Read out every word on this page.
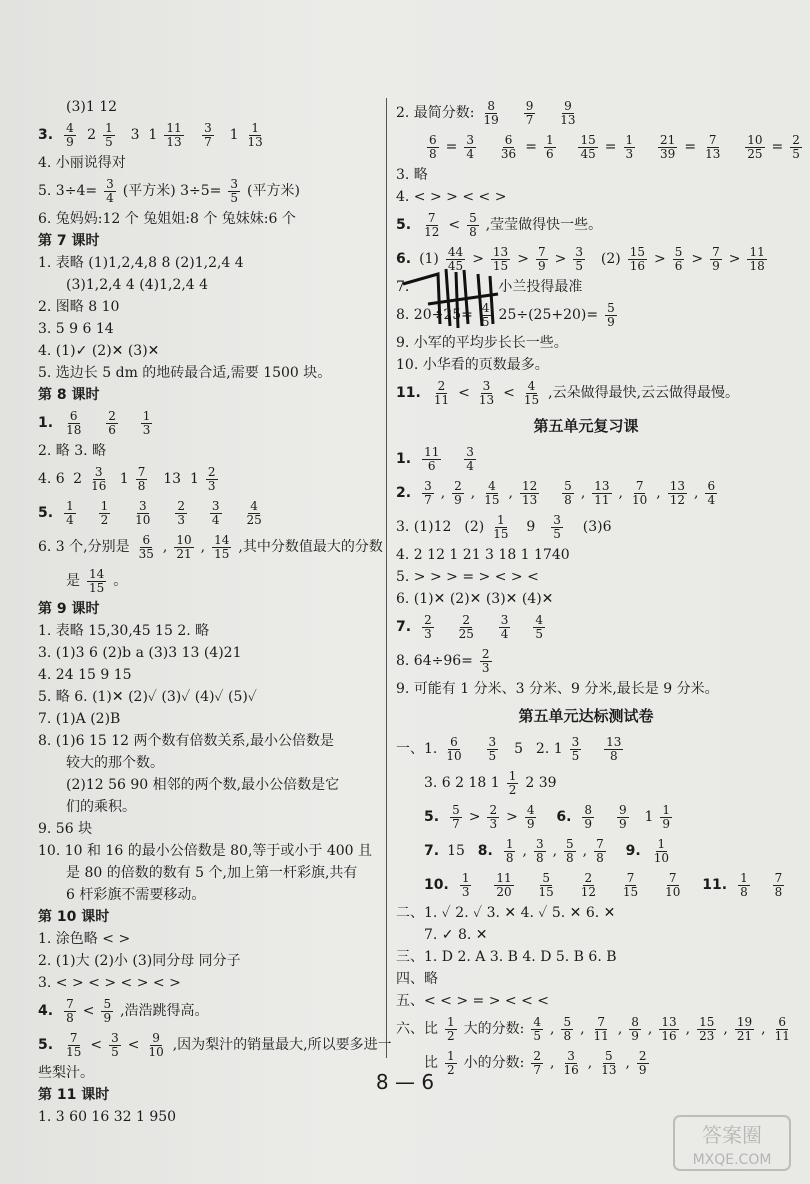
(3)1 12
3. $\frac{4}{9} 2 \frac{1}{5} 3$  $1 \frac{11}{13}$
$\frac{3}{7} 1 \frac{1}{13}$
4. 小丽说得对
5. $3\div 4= \frac{3}{4}$ (平方米) $3\div 5= \frac{3}{5}$ (平方米)
6. 兔妈妈:12 个 兔姐姐:8 个 兔妹妹:6 个
第 7 课时
1. 表略 (1)1,2,4,8 8 (2)1,2,4 4
(3)1,2,4 4 (4)1,2,4 4
2. 图略 8 10
3. 5 9 6 14
4. (1)✓ (2)✕ (3)✕
5. 选边长 5 dm 的地砖最合适,需要 1500 块。
第 8 课时
1. $\frac{6}{18}$
$\frac{2}{6}$
$\frac{1}{3}$
2. 略 3. 略
4. 6 $2 \frac{3}{16} 1 \frac{7}{8} 13$  $1 \frac{2}{3}$
5. $\frac{1}{4}$
$\frac{1}{2}$
$\frac{3}{10}$
$\frac{2}{3}$
$\frac{3}{4}$
$\frac{4}{25}$
6. 3 个,分别是 $\frac{6}{35}$ , $\frac{10}{21}$ , $\frac{14}{15}$ ,其中分数值最大的分数
是 $\frac{14}{15}$ 。
第 9 课时
1. 表略 15,30,45 15 2. 略
3. (1)3 6 (2)b a (3)3 13 (4)21
4. 24 15 9 15
5. 略 6. (1)✕ (2)✓ (3)✓ (4)✓ (5)✓
7. (1)A (2)B
8. (1)6 15 12 两个数有倍数关系,最小公倍数是
较大的那个数。
(2)12 56 90 相邻的两个数,最小公倍数是它
们的乘积。
9. 56 块
10. 10 和 16 的最小公倍数是 80,等于或小于 400 且
是 80 的倍数的数有 5 个,加上第一杆彩旗,共有
6 杆彩旗不需要移动。
第 10 课时
1. 涂色略 < >
2. (1)大 (2)小 (3)同分母 同分子
3. < > < > < > < >
4. $\frac{7}{8} < \frac{5}{9}$ ,浩浩跳得高。
5. $\frac{7}{15} < \frac{3}{5} < \frac{9}{10}$ ,因为梨汁的销量最大,所以要多进一
些梨汁。
第 11 课时
1. 3 60 16 32 1 950
2. 最简分数: $\frac{8}{19}$
$\frac{9}{7}$
$\frac{9}{13}$
$\frac{6}{8} = \frac{3}{4}$
$\frac{6}{36} = \frac{1}{6}$
$\frac{15}{45} = \frac{1}{3}$
$\frac{21}{39} = \frac{7}{13}$
$\frac{10}{25} = \frac{2}{5}$
3. 略
4. < > > < < >
5. $\frac{7}{12} < \frac{5}{8}$ ,莹莹做得快一些。
6. $(1) \frac{44}{45} > \frac{13}{15} > \frac{7}{9} > \frac{3}{5} (2) \frac{15}{16} > \frac{5}{6} > \frac{7}{9} > \frac{11}{18}$
7.                    小兰投得最准
8. $20\div 25= \frac{4}{5} 25\div(25+20)= \frac{5}{9}$
9. 小军的平均步长长一些。
10. 小华看的页数最多。
11. $\frac{2}{11} < \frac{3}{13} < \frac{4}{15}$ ,云朵做得最快,云云做得最慢。
第五单元复习课
1. $\frac{11}{6}$
$\frac{3}{4}$
2. $\frac{3}{7}$ , $\frac{2}{9}$ , $\frac{4}{15}$ , $\frac{12}{13}$
$\frac{5}{8}$ , $\frac{13}{11}$ , $\frac{7}{10}$ , $\frac{13}{12}$ , $\frac{6}{4}$
3. (1)12 $(2) \frac{1}{15} 9 \frac{3}{5}$
(3)6
4. 2 12 1 21 3 18 1 1740
5. > > > = > < > <
6. (1)✕ (2)✕ (3)✕ (4)✕
7. $\frac{2}{3}$
$\frac{2}{25}$
$\frac{3}{4}$
$\frac{4}{5}$
8. $64\div 96= \frac{2}{3}$
9. 可能有 1 分米、3 分米、9 分米,最长是 9 分米。
第五单元达标测试卷
一、1. $\frac{6}{10}$
$\frac{3}{5} 5$ 2. $1 \frac{3}{5}$
$\frac{13}{8}$
3. 6 2 18 $1 \frac{1}{2} 2$ 39
5. $\frac{5}{7} > \frac{2}{3} > \frac{4}{9}$
6. $\frac{8}{9}$
$\frac{9}{9} 1 \frac{1}{9}$
7. 15 8. $\frac{1}{8}$ , $\frac{3}{8}$ , $\frac{5}{8}$ , $\frac{7}{8}$
9. $\frac{1}{10}$
10. $\frac{1}{3}$
$\frac{11}{20}$
$\frac{5}{15}$
$\frac{2}{12}$
$\frac{7}{15}$
$\frac{7}{10}$
11. $\frac{1}{8}$
$\frac{7}{8}$
二、1. ✓ 2. ✓ 3. ✕ 4. ✓ 5. ✕ 6. ✕
7. ✓ 8. ✕
三、1. D 2. A 3. B 4. D 5. B 6. B
四、略
五、< < > = > < < <
六、比 $\frac{1}{2}$ 大的分数: $\frac{4}{5}$ , $\frac{5}{8}$ , $\frac{7}{11}$ , $\frac{8}{9}$ , $\frac{13}{16}$ , $\frac{15}{23}$ , $\frac{19}{21}$ , $\frac{6}{11}$
比 $\frac{1}{2}$ 小的分数: $\frac{2}{7}$ , $\frac{3}{16}$ , $\frac{5}{13}$ , $\frac{2}{9}$
8 — 6
答案圈
MXQE.COM
